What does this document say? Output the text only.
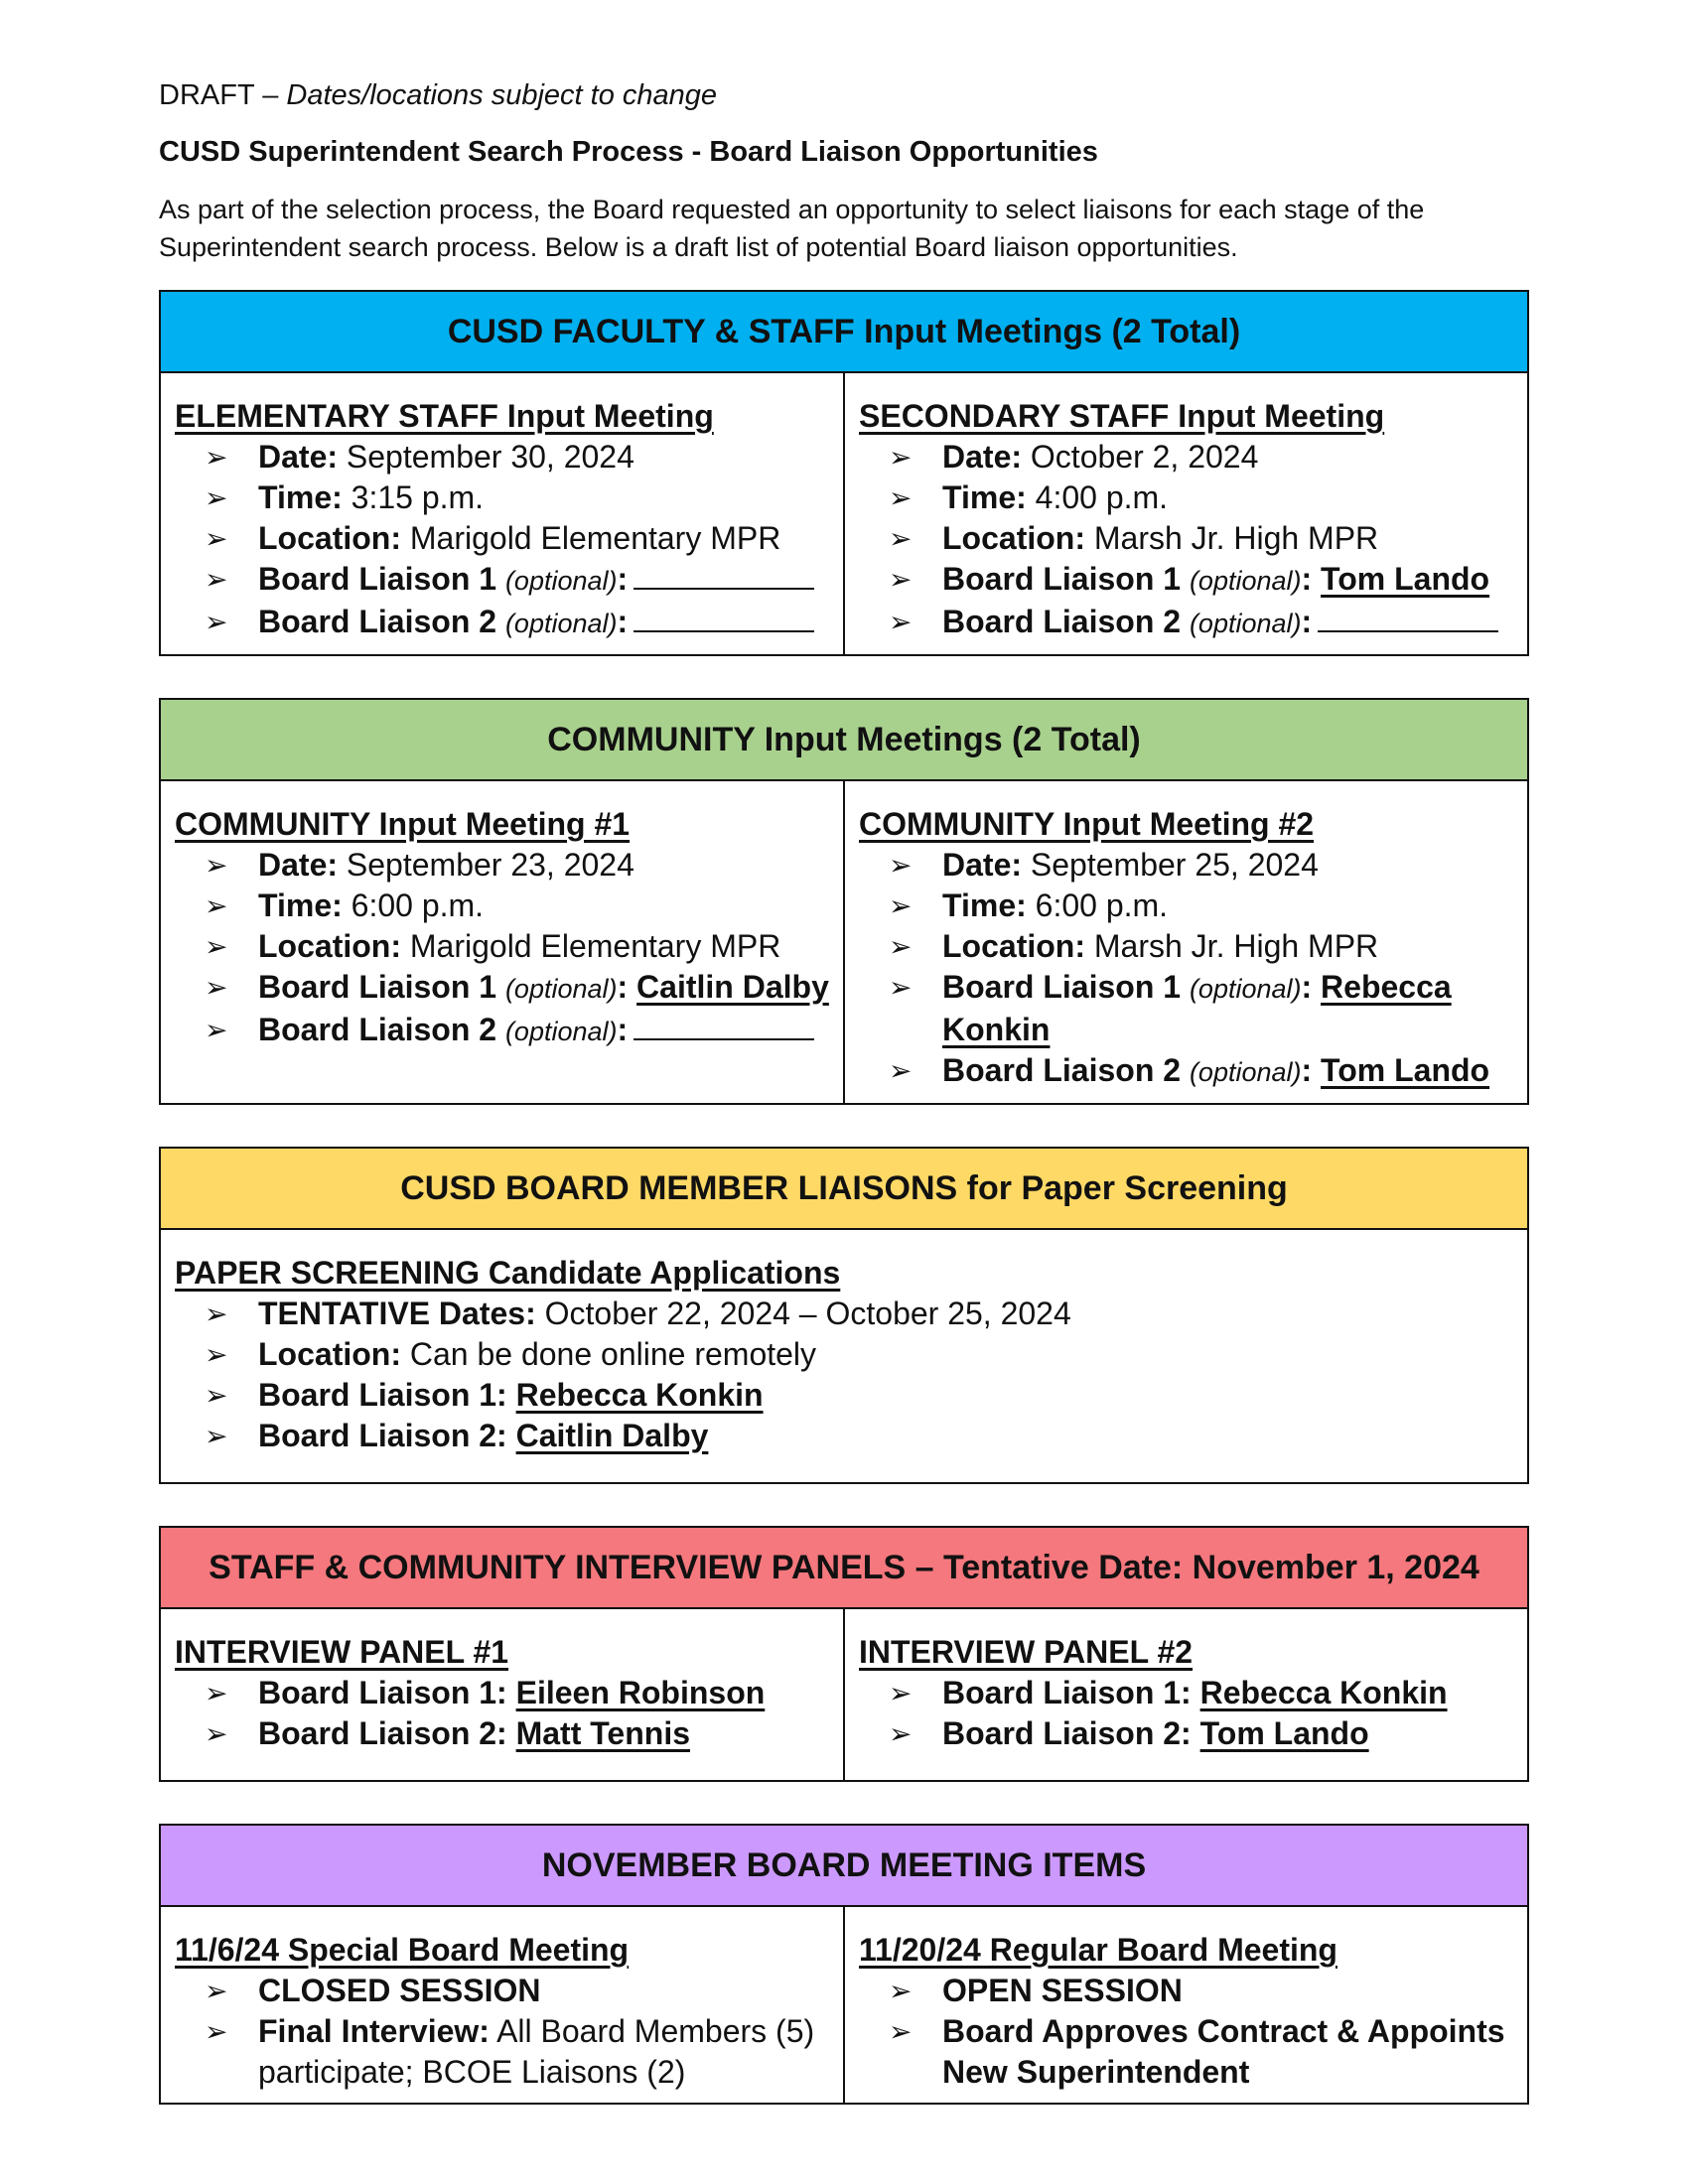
DRAFT – Dates/locations subject to change
CUSD Superintendent Search Process - Board Liaison Opportunities
As part of the selection process, the Board requested an opportunity to select liaisons for each stage of the Superintendent search process. Below is a draft list of potential Board liaison opportunities.
CUSD FACULTY & STAFF Input Meetings (2 Total)
ELEMENTARY STAFF Input Meeting
➢ Date: September 30, 2024
➢ Time: 3:15 p.m.
➢ Location: Marigold Elementary MPR
➢ Board Liaison 1 (optional):
➢ Board Liaison 2 (optional):
SECONDARY STAFF Input Meeting
➢ Date: October 2, 2024
➢ Time: 4:00 p.m.
➢ Location: Marsh Jr. High MPR
➢ Board Liaison 1 (optional): Tom Lando
➢ Board Liaison 2 (optional):
COMMUNITY Input Meetings (2 Total)
COMMUNITY Input Meeting #1
➢ Date: September 23, 2024
➢ Time: 6:00 p.m.
➢ Location: Marigold Elementary MPR
➢ Board Liaison 1 (optional): Caitlin Dalby
➢ Board Liaison 2 (optional):
COMMUNITY Input Meeting #2
➢ Date: September 25, 2024
➢ Time: 6:00 p.m.
➢ Location: Marsh Jr. High MPR
➢ Board Liaison 1 (optional): Rebecca Konkin
➢ Board Liaison 2 (optional): Tom Lando
CUSD BOARD MEMBER LIAISONS for Paper Screening
PAPER SCREENING Candidate Applications
➢ TENTATIVE Dates: October 22, 2024 – October 25, 2024
➢ Location: Can be done online remotely
➢ Board Liaison 1: Rebecca Konkin
➢ Board Liaison 2: Caitlin Dalby
STAFF & COMMUNITY INTERVIEW PANELS – Tentative Date: November 1, 2024
INTERVIEW PANEL #1
➢ Board Liaison 1: Eileen Robinson
➢ Board Liaison 2: Matt Tennis
INTERVIEW PANEL #2
➢ Board Liaison 1: Rebecca Konkin
➢ Board Liaison 2: Tom Lando
NOVEMBER BOARD MEETING ITEMS
11/6/24 Special Board Meeting
➢ CLOSED SESSION
➢ Final Interview: All Board Members (5) participate; BCOE Liaisons (2)
11/20/24 Regular Board Meeting
➢ OPEN SESSION
➢ Board Approves Contract & Appoints New Superintendent
